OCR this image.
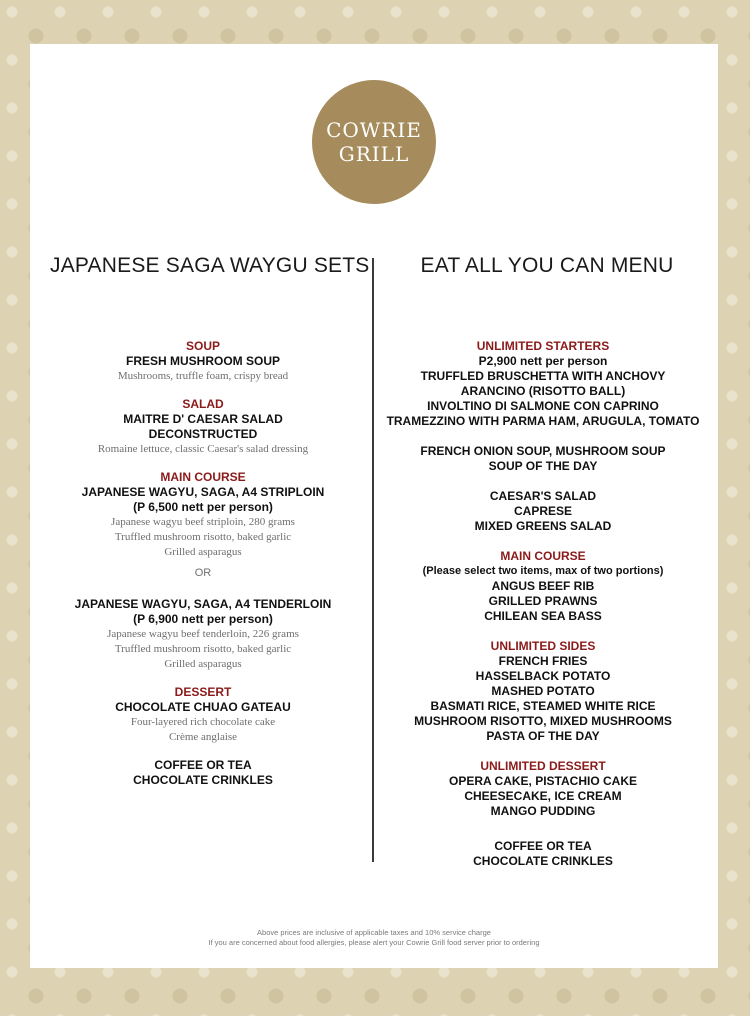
COWRIE
GRILL
JAPANESE SAGA WAYGU SETS	EAT ALL YOU CAN MENU
SOUP
FRESH MUSHROOM SOUP
Mushrooms, truffle foam, crispy bread
SALAD
MAITRE D' CAESAR SALAD
DECONSTRUCTED
Romaine lettuce, classic Caesar's salad dressing
MAIN COURSE
JAPANESE WAGYU, SAGA, A4 STRIPLOIN
(P 6,500 nett per person)
Japanese wagyu beef striploin, 280 grams
Truffled mushroom risotto, baked garlic
Grilled asparagus
OR
JAPANESE WAGYU, SAGA, A4 TENDERLOIN
(P 6,900 nett per person)
Japanese wagyu beef tenderloin, 226 grams
Truffled mushroom risotto, baked garlic
Grilled asparagus
DESSERT
CHOCOLATE CHUAO GATEAU
Four-layered rich chocolate cake
Crème anglaise
COFFEE OR TEA
CHOCOLATE CRINKLES
UNLIMITED STARTERS
P2,900 nett per person
TRUFFLED BRUSCHETTA WITH ANCHOVY
ARANCINO (RISOTTO BALL)
INVOLTINO DI SALMONE CON CAPRINO
TRAMEZZINO WITH PARMA HAM, ARUGULA, TOMATO
FRENCH ONION SOUP, MUSHROOM SOUP
SOUP OF THE DAY
CAESAR'S SALAD
CAPRESE
MIXED GREENS SALAD
MAIN COURSE
(Please select two items, max of two portions)
ANGUS BEEF RIB
GRILLED PRAWNS
CHILEAN SEA BASS
UNLIMITED SIDES
FRENCH FRIES
HASSELBACK POTATO
MASHED POTATO
BASMATI RICE, STEAMED WHITE RICE
MUSHROOM RISOTTO, MIXED MUSHROOMS
PASTA OF THE DAY
UNLIMITED DESSERT
OPERA CAKE, PISTACHIO CAKE
CHEESECAKE, ICE CREAM
MANGO PUDDING
COFFEE OR TEA
CHOCOLATE CRINKLES
Above prices are inclusive of applicable taxes and 10% service charge
If you are concerned about food allergies, please alert your Cowrie Grill food server prior to ordering
